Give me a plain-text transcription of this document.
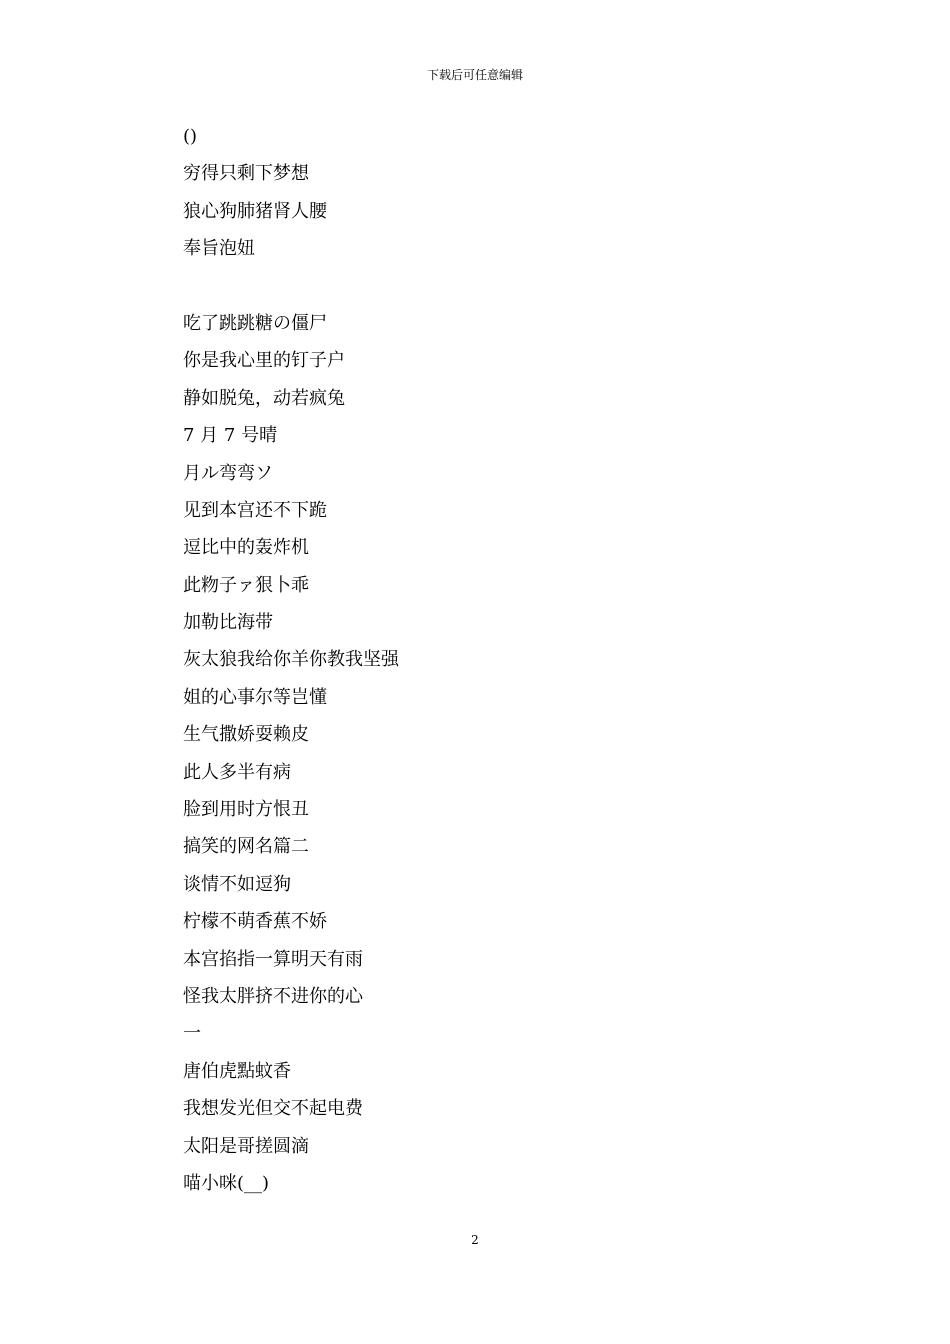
下载后可任意编辑
()
穷得只剩下梦想
狼心狗肺猪肾人腰
奉旨泡妞
吃了跳跳糖の僵尸
你是我心里的钉子户
静如脱兔，动若疯兔
7 月 7 号晴
月ル弯弯ソ
见到本宫还不下跪
逗比中的轰炸机
此粅子ァ狠卜乖
加勒比海带
灰太狼我给你羊你教我坚强
姐的心事尔等岂懂
生气撒娇耍赖皮
此人多半有病
脸到用时方恨丑
搞笑的网名篇二
谈情不如逗狗
柠檬不萌香蕉不娇
本宫掐指一算明天有雨
怪我太胖挤不进你的心
一
唐伯虎點蚊香
我想发光但交不起电费
太阳是哥搓圆滴
喵小咪(__)
2
